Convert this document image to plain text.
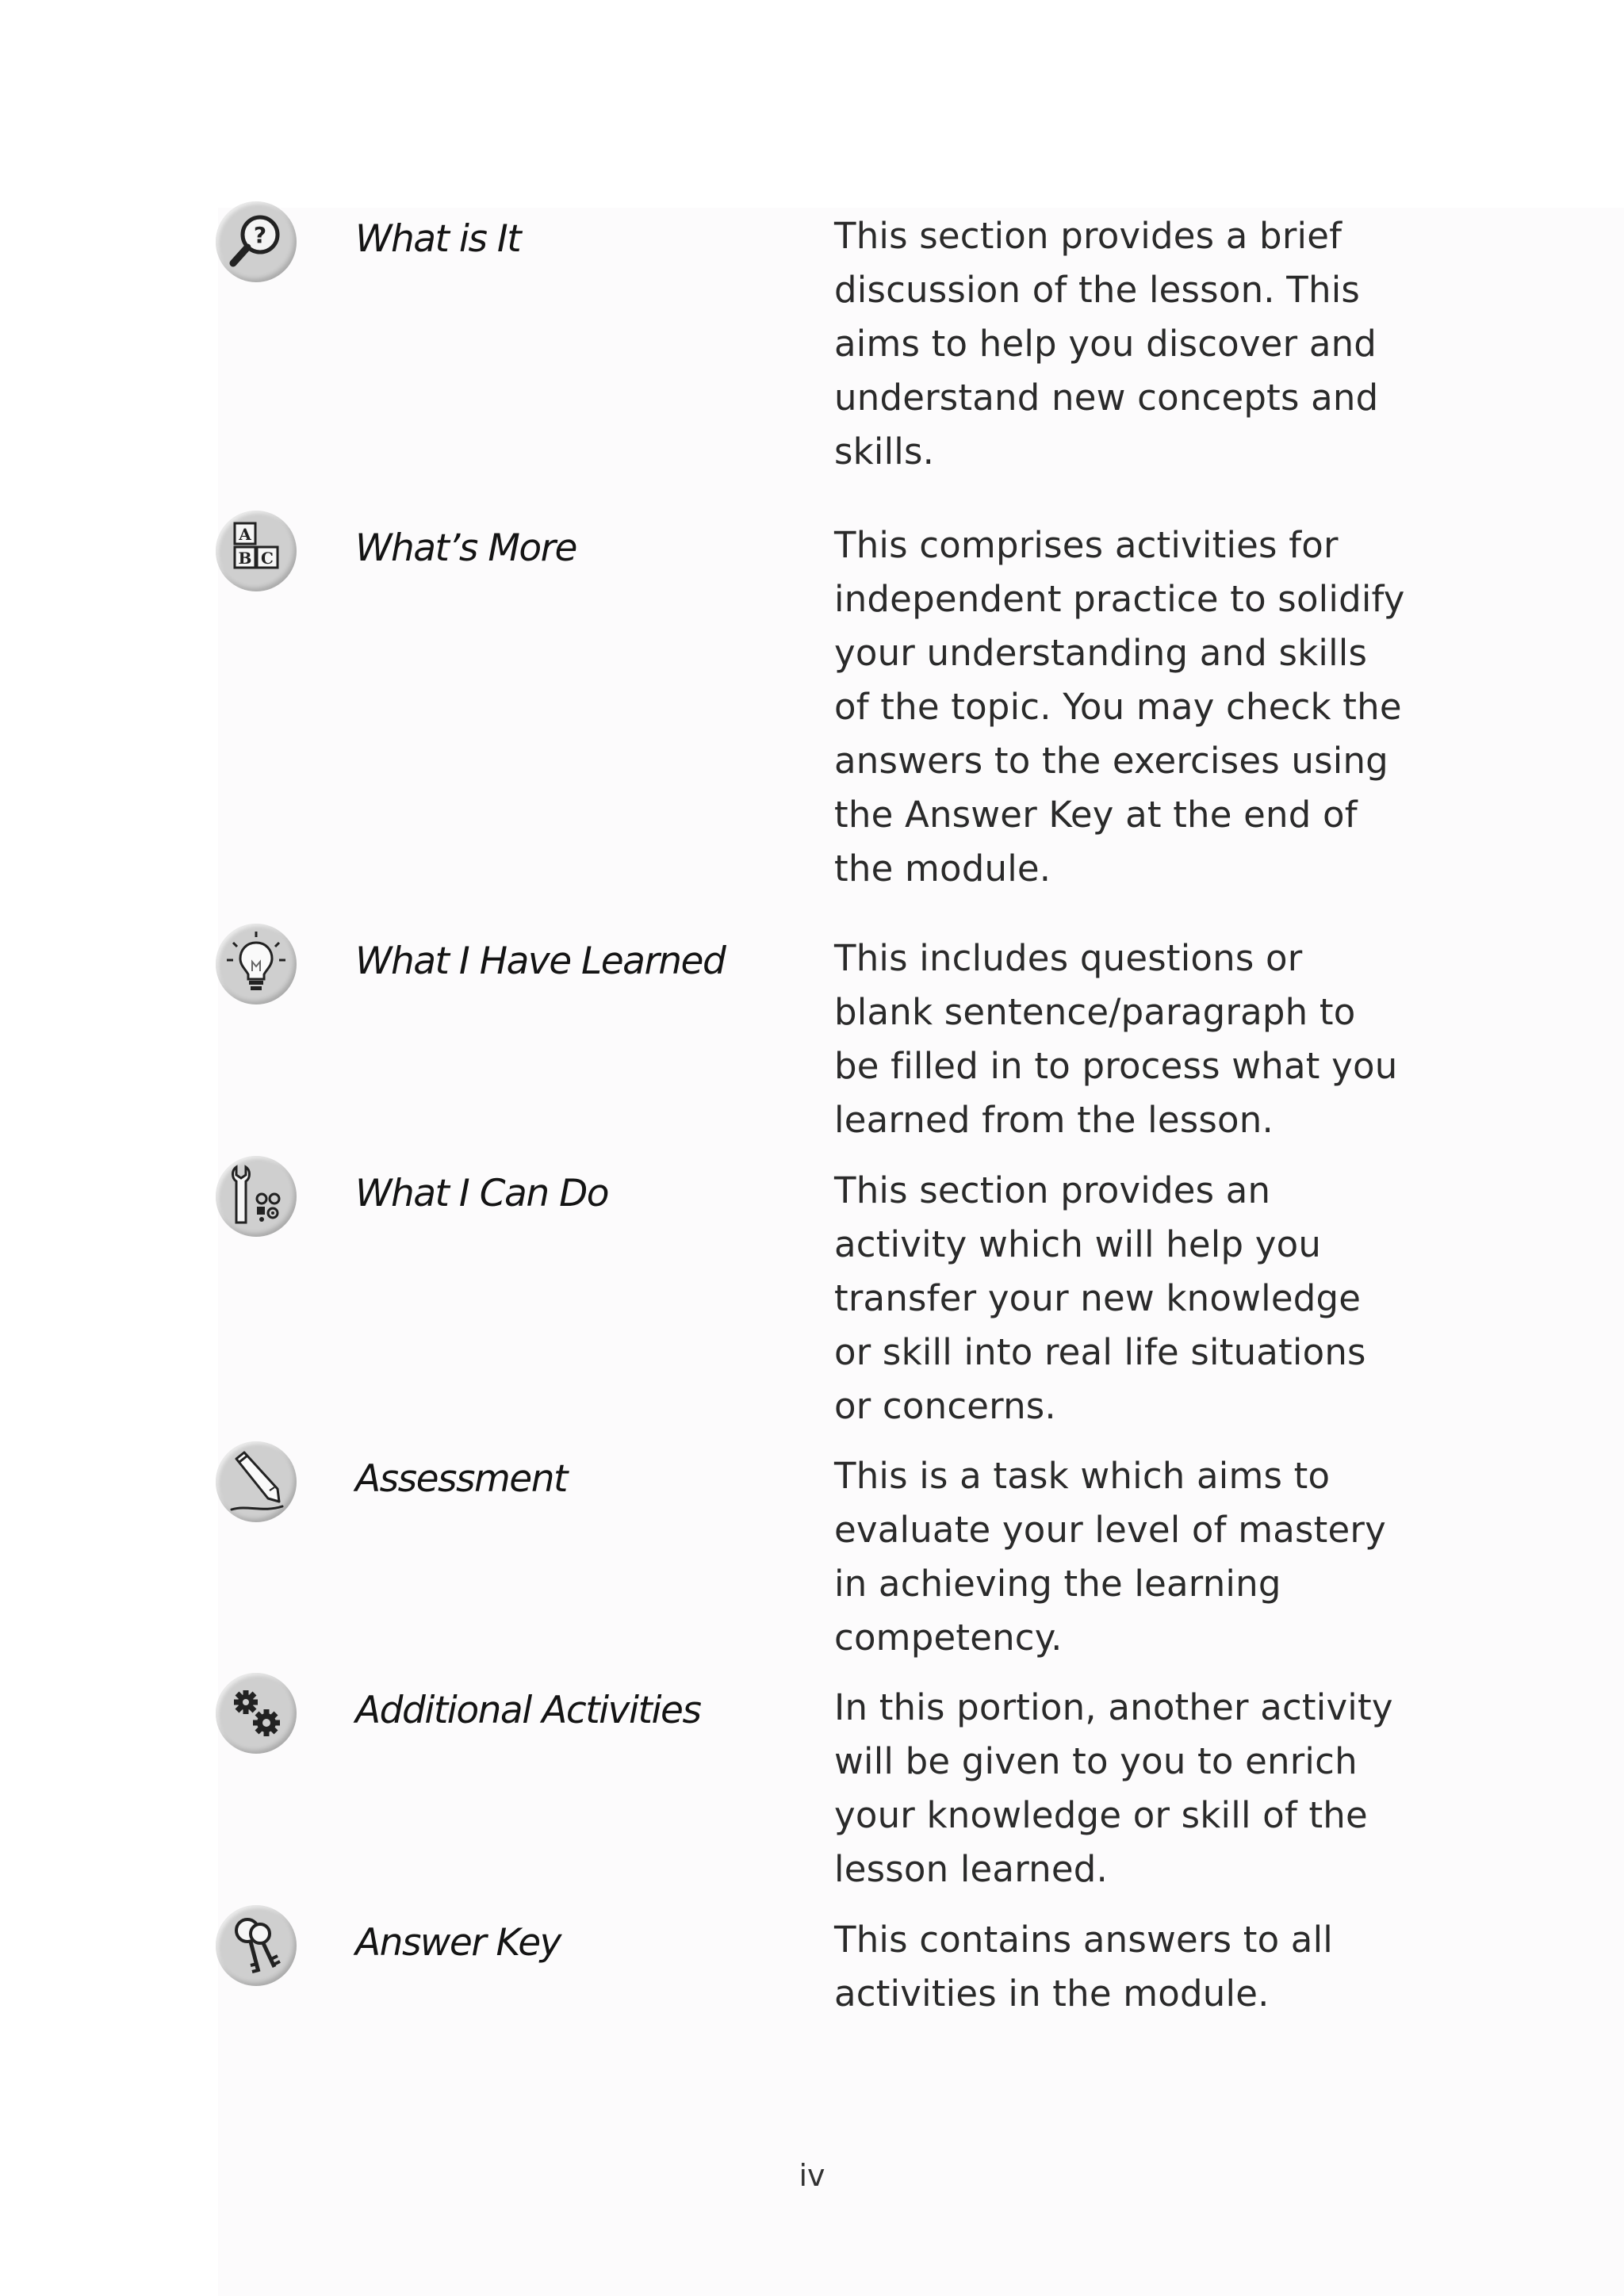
? What is It	This section provides a brief discussion of the lesson. This aims to help you discover and understand new concepts and skills.
A
B C What’s More	This comprises activities for independent practice to solidify your understanding and skills of the topic. You may check the answers to the exercises using the Answer Key at the end of the module.
What I Have Learned	This includes questions or blank sentence/paragraph to be filled in to process what you learned from the lesson.
What I Can Do	This section provides an activity which will help you transfer your new knowledge or skill into real life situations or concerns.
Assessment	This is a task which aims to evaluate your level of mastery in achieving the learning competency.
Additional Activities	In this portion, another activity will be given to you to enrich your knowledge or skill of the lesson learned.
Answer Key	This contains answers to all activities in the module.
iv
